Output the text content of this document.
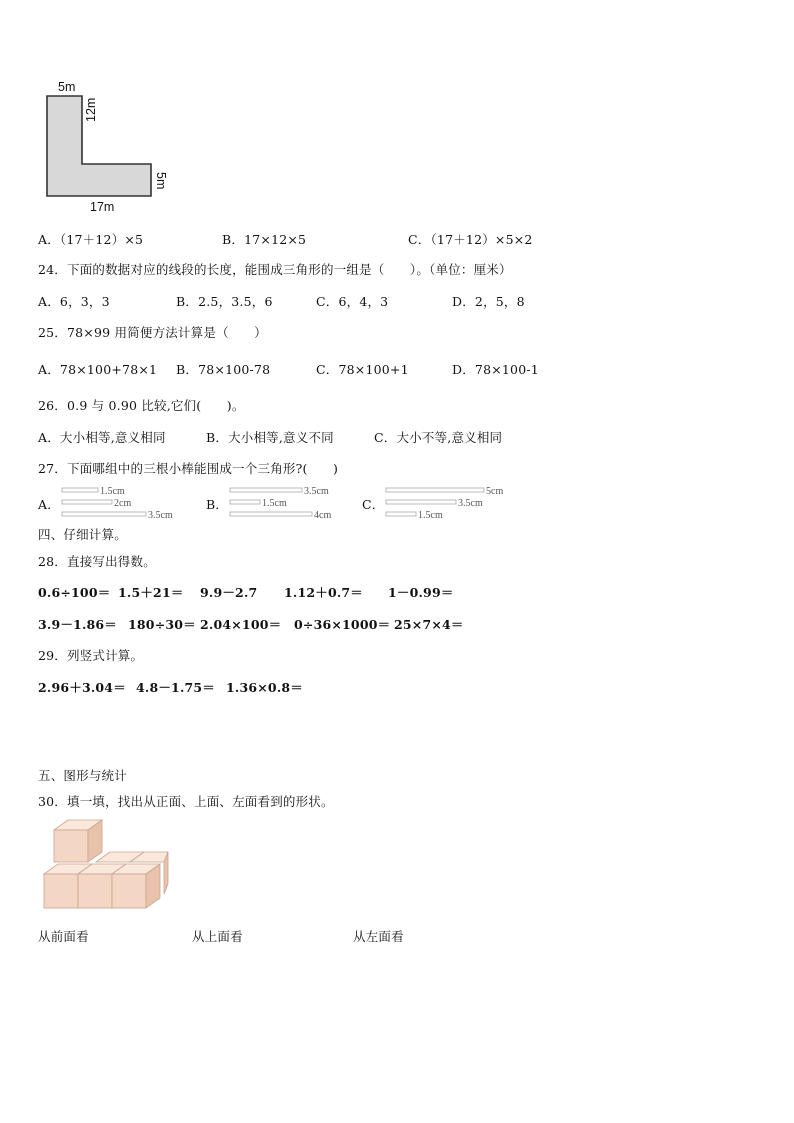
5m
12m
5m
17m
A．（17＋12）×5	B．17×12×5	C．（17＋12）×5×2
24．下面的数据对应的线段的长度，能围成三角形的一组是（　　）。（单位：厘米）
A．6，3，3	B．2.5，3.5，6	C．6，4，3	D．2，5，8
25．78×99 用简便方法计算是（　　）
A．78×100+78×1 B．78×100-78	C．78×100+1	D．78×100-1
26．0.9 与 0.90 比较,它们(　　)。
A．大小相等,意义相同	B．大小相等,意义不同	C．大小不等,意义相同
27．下面哪组中的三根小棒能围成一个三角形?(　　)
A．
1.5cm
2cm
3.5cm
B．
3.5cm
1.5cm
4cm
C．
5cm
3.5cm
1.5cm
四、仔细计算。
28．直接写出得数。
0.6÷100＝ 1.5＋21＝ 9.9－2.7 1.12＋0.7＝ 1－0.99＝
3.9－1.86＝ 180÷30＝ 2.04×100＝ 0÷36×1000＝ 25×7×4＝
29．列竖式计算。
2.96＋3.04＝ 4.8－1.75＝ 1.36×0.8＝
五、图形与统计
30．填一填，找出从正面、上面、左面看到的形状。
从前面看	从上面看	从左面看
